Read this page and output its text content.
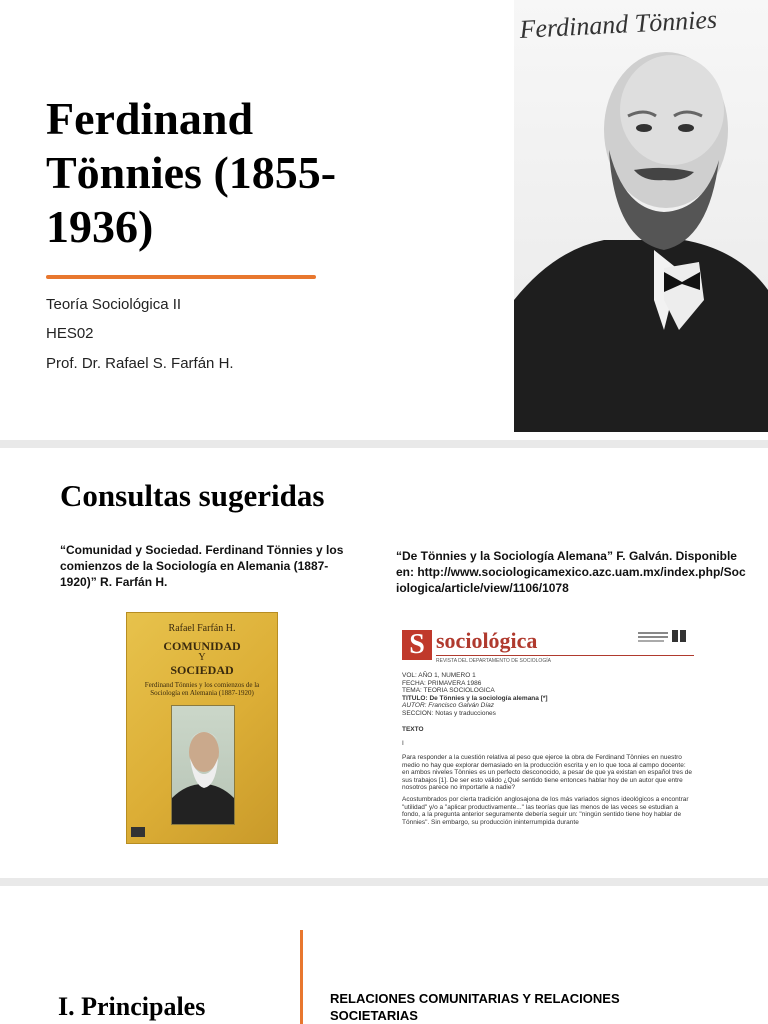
Ferdinand
Tönnies (1855-
1936)
Teoría Sociológica II
HES02
Prof. Dr. Rafael S. Farfán H.
Ferdinand Tönnies
Consultas sugeridas
“Comunidad y Sociedad. Ferdinand Tönnies y los comienzos de la Sociología en Alemania (1887-1920)” R. Farfán H.
“De Tönnies y la Sociología Alemana” F. Galván. Disponible en: http://www.sociologicamexico.azc.uam.mx/index.php/Sociologica/article/view/1106/1078
Rafael Farfán H.
COMUNIDAD
Y
SOCIEDAD
Ferdinand Tönnies y los comienzos de la Sociología en Alemania (1887-1920)
S sociológica
REVISTA DEL DEPARTAMENTO DE SOCIOLOGÍA
VOL: AÑO 1, NUMERO 1
FECHA: PRIMAVERA 1986
TEMA: TEORIA SOCIOLOGICA
TITULO: De Tönnies y la sociología alemana [*]
AUTOR: Francisco Galván Díaz
SECCION: Notas y traducciones
TEXTO
I
Para responder a la cuestión relativa al peso que ejerce la obra de Ferdinand Tönnies en nuestro medio no hay que explorar demasiado en la producción escrita y en lo que toca al campo docente: en ambos niveles Tönnies es un perfecto desconocido, a pesar de que ya existan en español tres de sus trabajos [1]. De ser esto válido ¿Qué sentido tiene entonces hablar hoy de un autor que entre nosotros parece no importarle a nadie?
Acostumbrados por cierta tradición anglosajona de los más variados signos ideológicos a encontrar "utilidad" y/o a "aplicar productivamente..." las teorías que las menos de las veces se estudian a fondo, a la pregunta anterior seguramente debería seguir un: "ningún sentido tiene hoy hablar de Tönnies". Sin embargo, su producción ininterrumpida durante
I. Principales	RELACIONES COMUNITARIAS Y RELACIONES SOCIETARIAS
